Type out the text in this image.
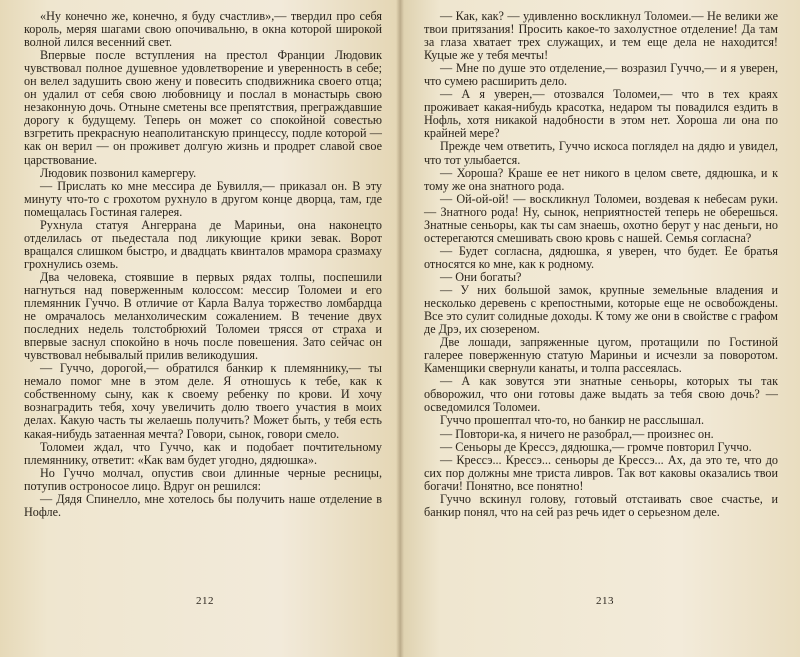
«Ну конечно же, конечно, я буду счастлив»,— твердил про себя король, меряя шагами свою опочивальню, в окна которой широкой волной лился весенний свет.

Впервые после вступления на престол Франции Людовик чувствовал полное душевное удовлетворение и уверенность в себе; он велел задушить свою жену и повесить сподвижника своего отца; он удалил от себя свою любовницу и послал в монастырь свою незаконную дочь. Отныне сметены все препятствия, преграждавшие дорогу к будущему. Теперь он может со спокойной совестью взгретить прекрасную неаполитанскую принцессу, подле которой — как он верил — он проживет долгую жизнь и продрет славой свое царствование.

Людовик позвонил камергеру.

— Прислать ко мне мессира де Бувилля,— приказал он. В эту минуту что-то с грохотом рухнуло в другом конце дворца, там, где помещалась Гостиная галерея.

Рухнула статуя Ангеррана де Мариньи, она наконецто отделилась от пьедестала под ликующие крики зевак. Ворот вращался слишком быстро, и двадцать квинталов мрамора сразмаху грохнулись оземь.

Два человека, стоявшие в первых рядах толпы, поспешили нагнуться над поверженным колоссом: мессир Толомеи и его племянник Гуччо. В отличие от Карла Валуа торжество ломбардца не омрачалось меланхолическим сожалением. В течение двух последних недель толстобрюхий Толомеи трясся от страха и впервые заснул спокойно в ночь после повешения. Зато сейчас он чувствовал небывалый прилив великодушия.

— Гуччо, дорогой,— обратился банкир к племяннику,— ты немало помог мне в этом деле. Я отношусь к тебе, как к собственному сыну, как к своему ребенку по крови. И хочу вознаградить тебя, хочу увеличить долю твоего участия в моих делах. Какую часть ты желаешь получить? Может быть, у тебя есть какая-нибудь затаенная мечта? Говори, сынок, говори смело.

Толомеи ждал, что Гуччо, как и подобает почтительному племяннику, ответит: «Как вам будет угодно, дядюшка».

Но Гуччо молчал, опустив свои длинные черные ресницы, потупив остроносое лицо. Вдруг он решился:

— Дядя Спинелло, мне хотелось бы получить наше отделение в Нофле.

212

— Как, как? — удивленно воскликнул Толомеи.— Не велики же твои притязания! Просить какое-то захолустное отделение! Да там за глаза хватает трех служащих, и тем еще дела не находится! Куцые же у тебя мечты!

— Мне по душе это отделение,— возразил Гуччо,— и я уверен, что сумею расширить дело.

— А я уверен,— отозвался Толомеи,— что в тех краях проживает какая-нибудь красотка, недаром ты повадился ездить в Нофль, хотя никакой надобности в этом нет. Хороша ли она по крайней мере?

Прежде чем ответить, Гуччо искоса поглядел на дядю и увидел, что тот улыбается.

— Хороша? Краше ее нет никого в целом свете, дядюшка, и к тому же она знатного рода.

— Ой-ой-ой! — воскликнул Толомеи, воздевая к небесам руки.— Знатного рода! Ну, сынок, неприятностей теперь не оберешься. Знатные сеньоры, как ты сам знаешь, охотно берут у нас деньги, но остерегаются смешивать свою кровь с нашей. Семья согласна?

— Будет согласна, дядюшка, я уверен, что будет. Ее братья относятся ко мне, как к родному.

— Они богаты?

— У них большой замок, крупные земельные владения и несколько деревень с крепостными, которые еще не освобождены. Все это сулит солидные доходы. К тому же они в свойстве с графом де Дрэ, их сюзереном.

Две лошади, запряженные цугом, протащили по Гостиной галерее поверженную статую Мариньи и исчезли за поворотом. Каменщики свернули канаты, и толпа рассеялась.

— А как зовутся эти знатные сеньоры, которых ты так обворожил, что они готовы даже выдать за тебя свою дочь? — осведомился Толомеи.

Гуччо прошептал что-то, но банкир не расслышал.

— Повтори-ка, я ничего не разобрал,— произнес он.

— Сеньоры де Крессэ, дядюшка,— громче повторил Гуччо.

— Крессэ... Крессэ... сеньоры де Крессэ... Ах, да это те, что до сих пор должны мне триста ливров. Так вот каковы оказались твои богачи! Понятно, все понятно!

Гуччо вскинул голову, готовый отстаивать свое счастье, и банкир понял, что на сей раз речь идет о серьезном деле.

213
